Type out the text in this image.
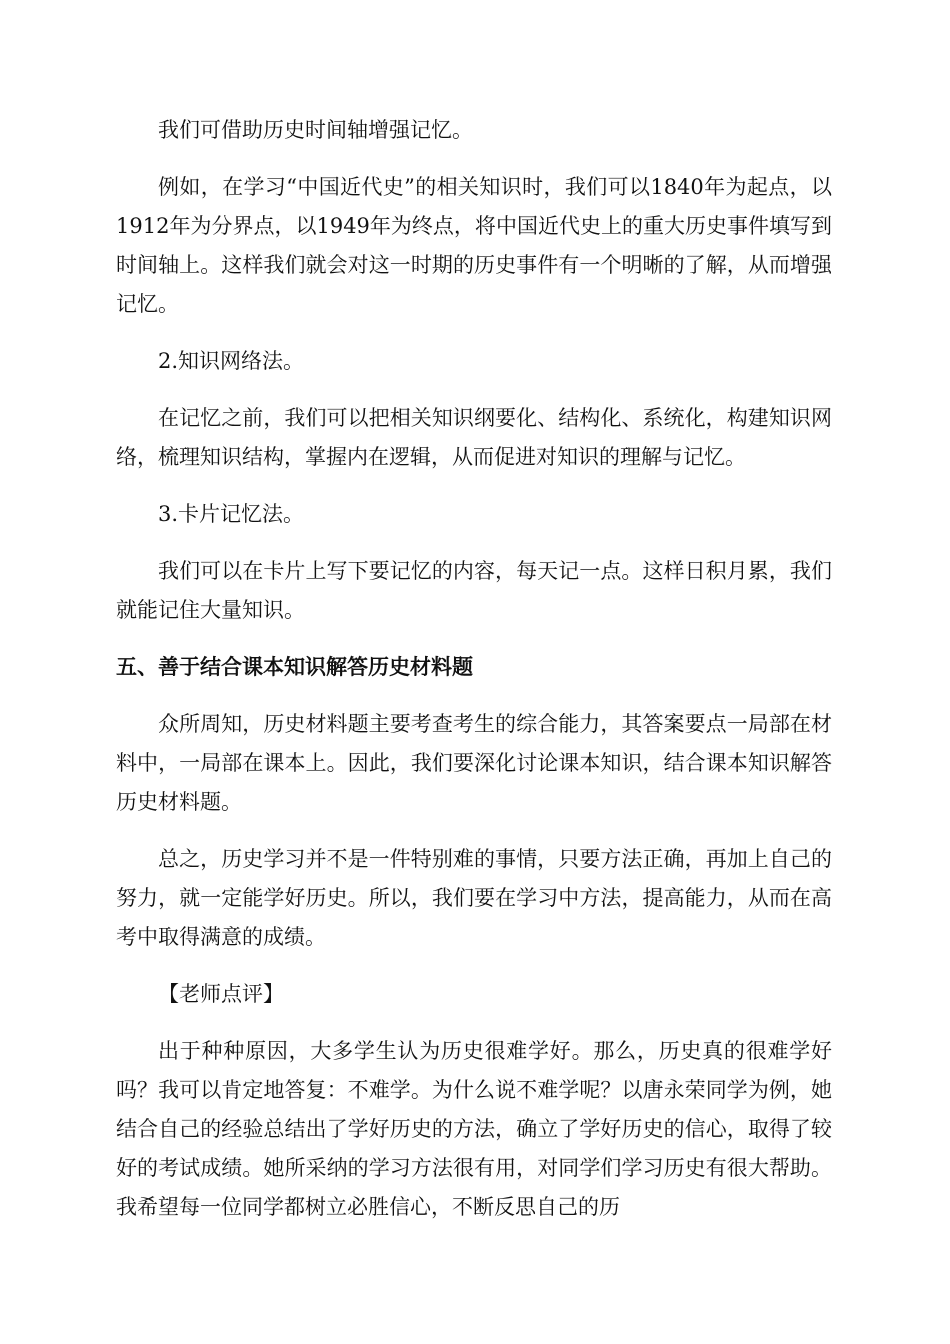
我们可借助历史时间轴增强记忆。

例如，在学习“中国近代史”的相关知识时，我们可以1840年为起点，以1912年为分界点，以1949年为终点，将中国近代史上的重大历史事件填写到时间轴上。这样我们就会对这一时期的历史事件有一个明晰的了解，从而增强记忆。

2.知识网络法。

在记忆之前，我们可以把相关知识纲要化、结构化、系统化，构建知识网络，梳理知识结构，掌握内在逻辑，从而促进对知识的理解与记忆。

3.卡片记忆法。

我们可以在卡片上写下要记忆的内容，每天记一点。这样日积月累，我们就能记住大量知识。

五、善于结合课本知识解答历史材料题

众所周知，历史材料题主要考查考生的综合能力，其答案要点一局部在材料中，一局部在课本上。因此，我们要深化讨论课本知识，结合课本知识解答历史材料题。

总之，历史学习并不是一件特别难的事情，只要方法正确，再加上自己的努力，就一定能学好历史。所以，我们要在学习中方法，提高能力，从而在高考中取得满意的成绩。

【老师点评】

出于种种原因，大多学生认为历史很难学好。那么，历史真的很难学好吗？我可以肯定地答复：不难学。为什么说不难学呢？以唐永荣同学为例，她结合自己的经验总结出了学好历史的方法，确立了学好历史的信心，取得了较好的考试成绩。她所采纳的学习方法很有用，对同学们学习历史有很大帮助。我希望每一位同学都树立必胜信心，不断反思自己的历
